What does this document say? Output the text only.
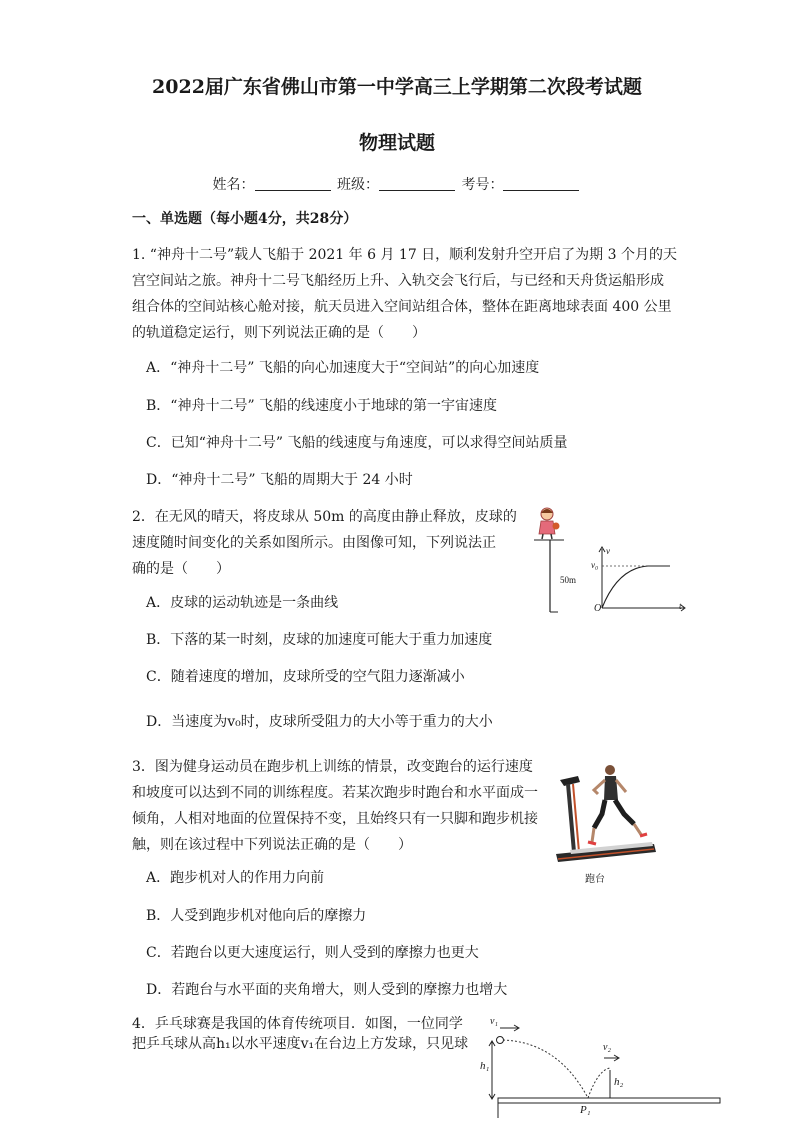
2022届广东省佛山市第一中学高三上学期第二次段考试题
物理试题
姓名：	班级：	考号：
一、单选题（每小题4分，共28分）
1. “神舟十二号”载人飞船于 2021 年 6 月 17 日，顺利发射升空开启了为期 3 个月的天
宫空间站之旅。神舟十二号飞船经历上升、入轨交会飞行后，与已经和天舟货运船形成
组合体的空间站核心舱对接，航天员进入空间站组合体，整体在距离地球表面 400 公里
的轨道稳定运行，则下列说法正确的是（　　）
A．“神舟十二号” 飞船的向心加速度大于“空间站”的向心加速度
B．“神舟十二号” 飞船的线速度小于地球的第一宇宙速度
C．已知“神舟十二号” 飞船的线速度与角速度，可以求得空间站质量
D．“神舟十二号” 飞船的周期大于 24 小时
2．在无风的晴天，将皮球从 50m 的高度由静止释放，皮球的
速度随时间变化的关系如图所示。由图像可知，下列说法正
确的是（　　）
A．皮球的运动轨迹是一条曲线
B．下落的某一时刻，皮球的加速度可能大于重力加速度
C．随着速度的增加，皮球所受的空气阻力逐渐减小
D．当速度为v₀时，皮球所受阻力的大小等于重力的大小
50m
v
v₀
O	t
3．图为健身运动员在跑步机上训练的情景，改变跑台的运行速度
和坡度可以达到不同的训练程度。若某次跑步时跑台和水平面成一
倾角，人相对地面的位置保持不变，且始终只有一只脚和跑步机接
触，则在该过程中下列说法正确的是（　　）
A．跑步机对人的作用力向前
B．人受到跑步机对他向后的摩擦力
C．若跑台以更大速度运行，则人受到的摩擦力也更大
D．若跑台与水平面的夹角增大，则人受到的摩擦力也增大
跑台
4．乒乓球赛是我国的体育传统项目．如图，一位同学
把乒乓球从高h₁以水平速度v₁在台边上方发球，只见球
v₁
v₂
h₁
h₂
P₁
